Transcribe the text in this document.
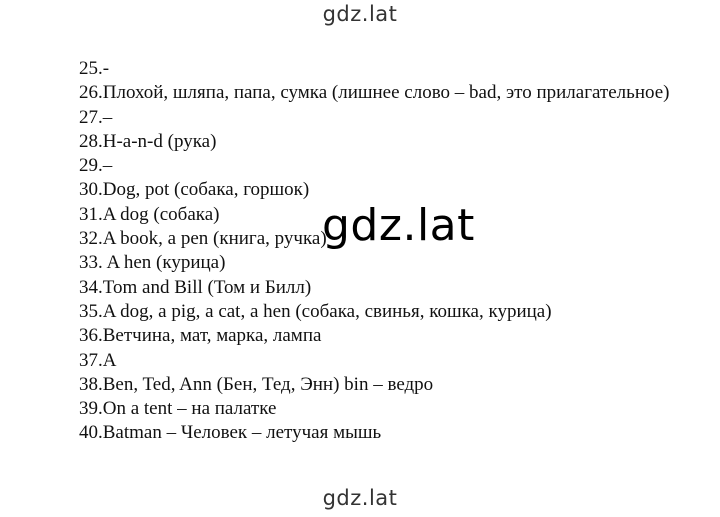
gdz.lat
gdz.lat
25.-
26.Плохой, шляпа, папа, сумка (лишнее слово – bad, это прилагательное)
27.–
28.H-a-n-d (рука)
29.–
30.Dog, pot (собака, горшок)
31.A dog (собака)
32.A book, a pen (книга, ручка)
33. A hen (курица)
34.Tom and Bill (Том и Билл)
35.A dog, a pig, a cat, a hen (собака, свинья, кошка, курица)
36.Ветчина, мат, марка, лампа
37.A
38.Ben, Ted, Ann (Бен, Тед, Энн) bin – ведро
39.On a tent – на палатке
40.Batman – Человек – летучая мышь
gdz.lat
